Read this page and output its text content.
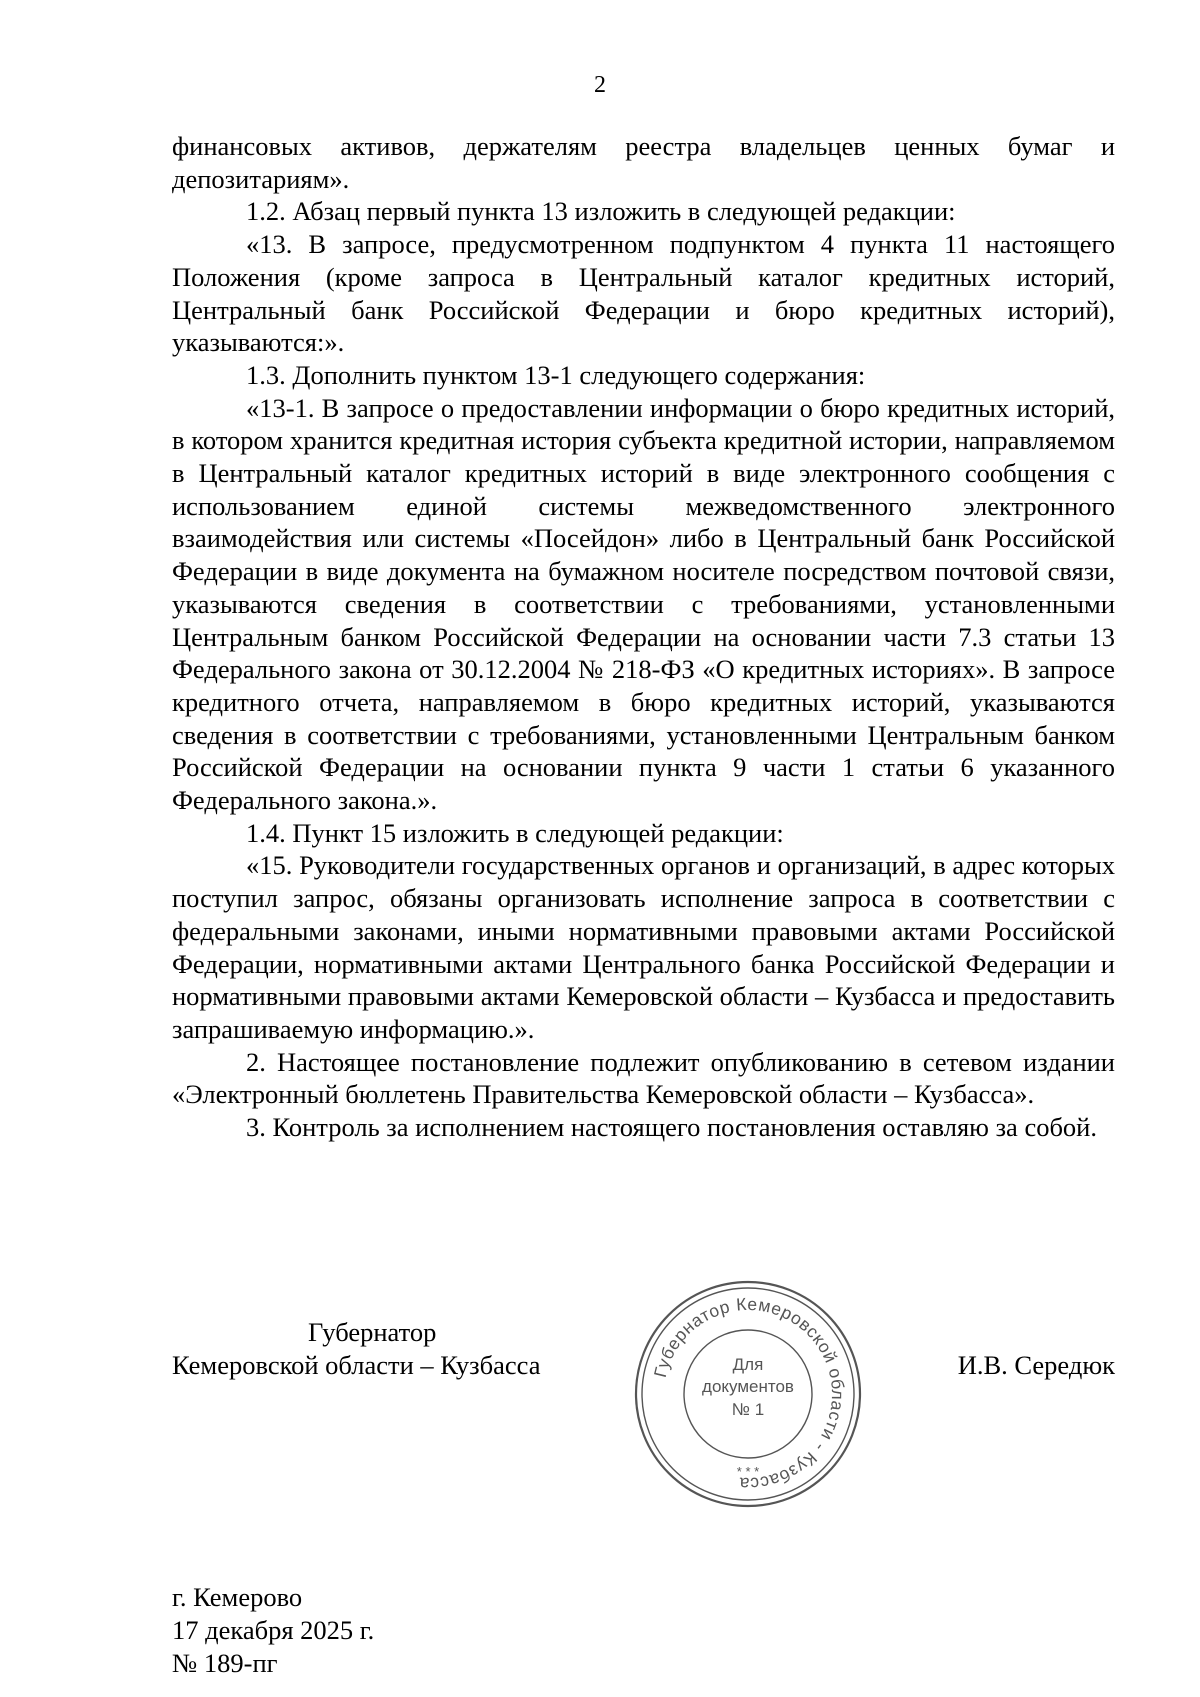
2

финансовых активов, держателям реестра владельцев ценных бумаг и депозитариям».

1.2. Абзац первый пункта 13 изложить в следующей редакции:

«13. В запросе, предусмотренном подпунктом 4 пункта 11 настоящего Положения (кроме запроса в Центральный каталог кредитных историй, Центральный банк Российской Федерации и бюро кредитных историй), указываются:».

1.3. Дополнить пунктом 13-1 следующего содержания:

«13-1. В запросе о предоставлении информации о бюро кредитных историй, в котором хранится кредитная история субъекта кредитной истории, направляемом в Центральный каталог кредитных историй в виде электронного сообщения с использованием единой системы межведомственного электронного взаимодействия или системы «Посейдон» либо в Центральный банк Российской Федерации в виде документа на бумажном носителе посредством почтовой связи, указываются сведения в соответствии с требованиями, установленными Центральным банком Российской Федерации на основании части 7.3 статьи 13 Федерального закона от 30.12.2004 № 218-ФЗ «О кредитных историях». В запросе кредитного отчета, направляемом в бюро кредитных историй, указываются сведения в соответствии с требованиями, установленными Центральным банком Российской Федерации на основании пункта 9 части 1 статьи 6 указанного Федерального закона.».

1.4. Пункт 15 изложить в следующей редакции:

«15. Руководители государственных органов и организаций, в адрес которых поступил запрос, обязаны организовать исполнение запроса в соответствии с федеральными законами, иными нормативными правовыми актами Российской Федерации, нормативными актами Центрального банка Российской Федерации и нормативными правовыми актами Кемеровской области – Кузбасса и предоставить запрашиваемую информацию.».

2. Настоящее постановление подлежит опубликованию в сетевом издании «Электронный бюллетень Правительства Кемеровской области – Кузбасса».

3. Контроль за исполнением настоящего постановления оставляю за собой.

Губернатор
Кемеровской области – Кузбасса	И.В. Середюк
Губернатор Кемеровской области - Кузбасса
Для
документов
№ 1
* * *
г. Кемерово
17 декабря 2025 г.
№ 189-пг
